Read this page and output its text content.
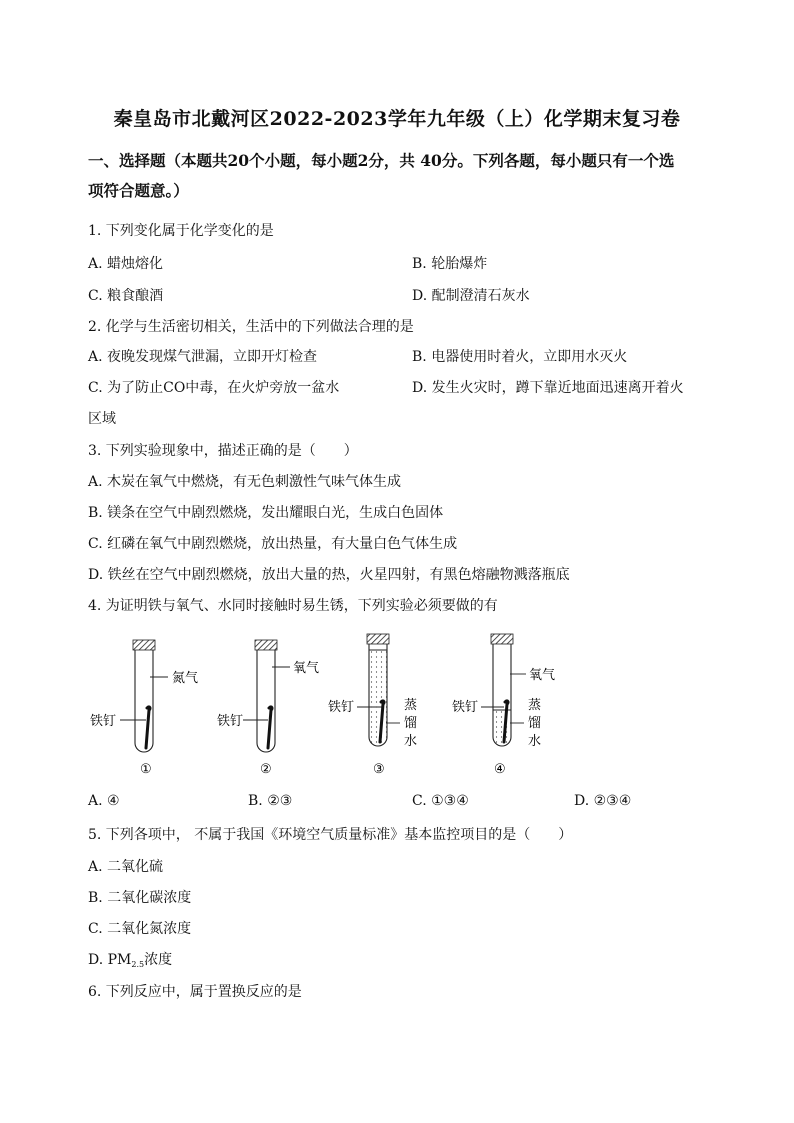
秦皇岛市北戴河区2022-2023学年九年级（上）化学期末复习卷
一、选择题（本题共20个小题，每小题2分，共 40分。下列各题，每小题只有一个选
项符合题意。）
1. 下列变化属于化学变化的是
A. 蜡烛熔化	B. 轮胎爆炸
C. 粮食酿酒	D. 配制澄清石灰水
2. 化学与生活密切相关，生活中的下列做法合理的是
A. 夜晚发现煤气泄漏，立即开灯检查	B. 电器使用时着火，立即用水灭火
C. 为了防止CO中毒，在火炉旁放一盆水	D. 发生火灾时，蹲下靠近地面迅速离开着火
区域
3. 下列实验现象中，描述正确的是（　　）
A. 木炭在氧气中燃烧，有无色刺激性气味气体生成
B. 镁条在空气中剧烈燃烧，发出耀眼白光，生成白色固体
C. 红磷在氧气中剧烈燃烧，放出热量，有大量白色气体生成
D. 铁丝在空气中剧烈燃烧，放出大量的热，火星四射，有黑色熔融物溅落瓶底
4. 为证明铁与氧气、水同时接触时易生锈，下列实验必须要做的有
氮气
铁钉
①
氧气
铁钉
②
铁钉	蒸
馏
水
③
氧气
铁钉	蒸
馏
水
④
A. ④	B. ②③	C. ①③④	D. ②③④
5. 下列各项中， 不属于我国《环境空气质量标准》基本监控项目的是（　　）
A. 二氧化硫
B. 二氧化碳浓度
C. 二氧化氮浓度
D. $PM_{2.5}$浓度
6. 下列反应中，属于置换反应的是
